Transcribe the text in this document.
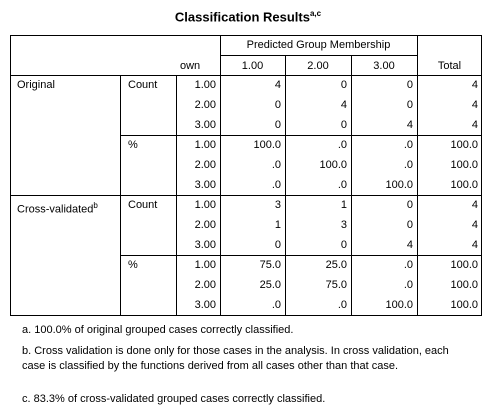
Classification Results$^{a,c}$
Predicted Group Membership
own	1.00	2.00	3.00	Total
Original	Count	1.00	4	0	0	4
2.00	0	4	0	4
3.00	0	0	4	4
%	1.00	100.0	.0	.0	100.0
2.00	.0	100.0	.0	100.0
3.00	.0	.0	100.0	100.0
Cross-validated$^b$	Count	1.00	3	1	0	4
2.00	1	3	0	4
3.00	0	0	4	4
%	1.00	75.0	25.0	.0	100.0
2.00	25.0	75.0	.0	100.0
3.00	.0	.0	100.0	100.0
a. 100.0% of original grouped cases correctly classified.
b. Cross validation is done only for those cases in the analysis. In cross validation, each case is classified by the functions derived from all cases other than that case.
c. 83.3% of cross-validated grouped cases correctly classified.
